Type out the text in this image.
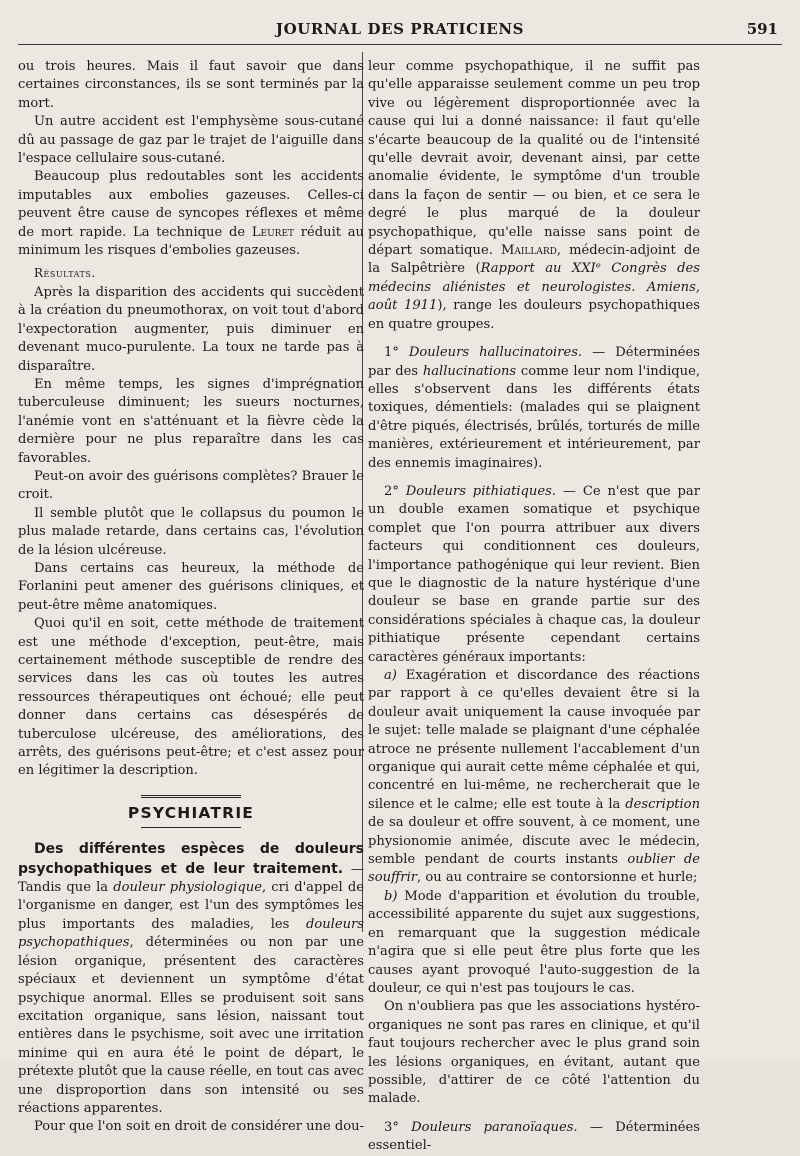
JOURNAL DES PRATICIENS	591

ou trois heures. Mais il faut savoir que dans certaines circonstances, ils se sont terminés par la mort.

Un autre accident est l'emphysème sous-cutané dû au passage de gaz par le trajet de l'aiguille dans l'espace cellulaire sous-cutané.

Beaucoup plus redoutables sont les accidents imputables aux embolies gazeuses. Celles-ci peuvent être cause de syncopes réflexes et même de mort rapide. La technique de Leuret réduit au minimum les risques d'embolies gazeuses.

Résultats.

Après la disparition des accidents qui succèdent à la création du pneumothorax, on voit tout d'abord l'expectoration augmenter, puis diminuer en devenant muco-purulente. La toux ne tarde pas à disparaître.

En même temps, les signes d'imprégnation tuberculeuse diminuent; les sueurs nocturnes, l'anémie vont en s'atténuant et la fièvre cède la dernière pour ne plus reparaître dans les cas favorables.

Peut-on avoir des guérisons complètes? Brauer le croit.

Il semble plutôt que le collapsus du poumon le plus malade retarde, dans certains cas, l'évolution de la lésion ulcéreuse.

Dans certains cas heureux, la méthode de Forlanini peut amener des guérisons cliniques, et peut-être même anatomiques.

Quoi qu'il en soit, cette méthode de traitement est une méthode d'exception, peut-être, mais certainement méthode susceptible de rendre des services dans les cas où toutes les autres ressources thérapeutiques ont échoué; elle peut donner dans certains cas désespérés de tuberculose ulcéreuse, des améliorations, des arrêts, des guérisons peut-être; et c'est assez pour en légitimer la description.

PSYCHIATRIE

Des différentes espèces de douleurs psychopathiques et de leur traitement. — Tandis que la douleur physiologique, cri d'appel de l'organisme en danger, est l'un des symptômes les plus importants des maladies, les douleurs psychopathiques, déterminées ou non par une lésion organique, présentent des caractères spéciaux et deviennent un symptôme d'état psychique anormal. Elles se produisent soit sans excitation organique, sans lésion, naissant tout entières dans le psychisme, soit avec une irritation minime qui en aura été le point de départ, le prétexte plutôt que la cause réelle, en tout cas avec une disproportion dans son intensité ou ses réactions apparentes.

Pour que l'on soit en droit de considérer une dou-

leur comme psychopathique, il ne suffit pas qu'elle apparaisse seulement comme un peu trop vive ou légèrement disproportionnée avec la cause qui lui a donné naissance: il faut qu'elle s'écarte beaucoup de la qualité ou de l'intensité qu'elle devrait avoir, devenant ainsi, par cette anomalie évidente, le symptôme d'un trouble dans la façon de sentir — ou bien, et ce sera le degré le plus marqué de la douleur psychopathique, qu'elle naisse sans point de départ somatique. Maillard, médecin-adjoint de la Salpêtrière (Rapport au XXIᵉ Congrès des médecins aliénistes et neurologistes. Amiens, août 1911), range les douleurs psychopathiques en quatre groupes.

1° Douleurs hallucinatoires. — Déterminées par des hallucinations comme leur nom l'indique, elles s'observent dans les différents états toxiques, démentiels: (malades qui se plaignent d'être piqués, électrisés, brûlés, torturés de mille manières, extérieurement et intérieurement, par des ennemis imaginaires).

2° Douleurs pithiatiques. — Ce n'est que par un double examen somatique et psychique complet que l'on pourra attribuer aux divers facteurs qui conditionnent ces douleurs, l'importance pathogénique qui leur revient. Bien que le diagnostic de la nature hystérique d'une douleur se base en grande partie sur des considérations spéciales à chaque cas, la douleur pithiatique présente cependant certains caractères généraux importants:

a) Exagération et discordance des réactions par rapport à ce qu'elles devaient être si la douleur avait uniquement la cause invoquée par le sujet: telle malade se plaignant d'une céphalée atroce ne présente nullement l'accablement d'un organique qui aurait cette même céphalée et qui, concentré en lui-même, ne rechercherait que le silence et le calme; elle est toute à la description de sa douleur et offre souvent, à ce moment, une physionomie animée, discute avec le médecin, semble pendant de courts instants oublier de souffrir, ou au contraire se contorsionne et hurle;

b) Mode d'apparition et évolution du trouble, accessibilité apparente du sujet aux suggestions, en remarquant que la suggestion médicale n'agira que si elle peut être plus forte que les causes ayant provoqué l'auto-suggestion de la douleur, ce qui n'est pas toujours le cas.

On n'oubliera pas que les associations hystéro-organiques ne sont pas rares en clinique, et qu'il faut toujours rechercher avec le plus grand soin les lésions organiques, en évitant, autant que possible, d'attirer de ce côté l'attention du malade.

3° Douleurs paranoïaques. — Déterminées essentiel-
